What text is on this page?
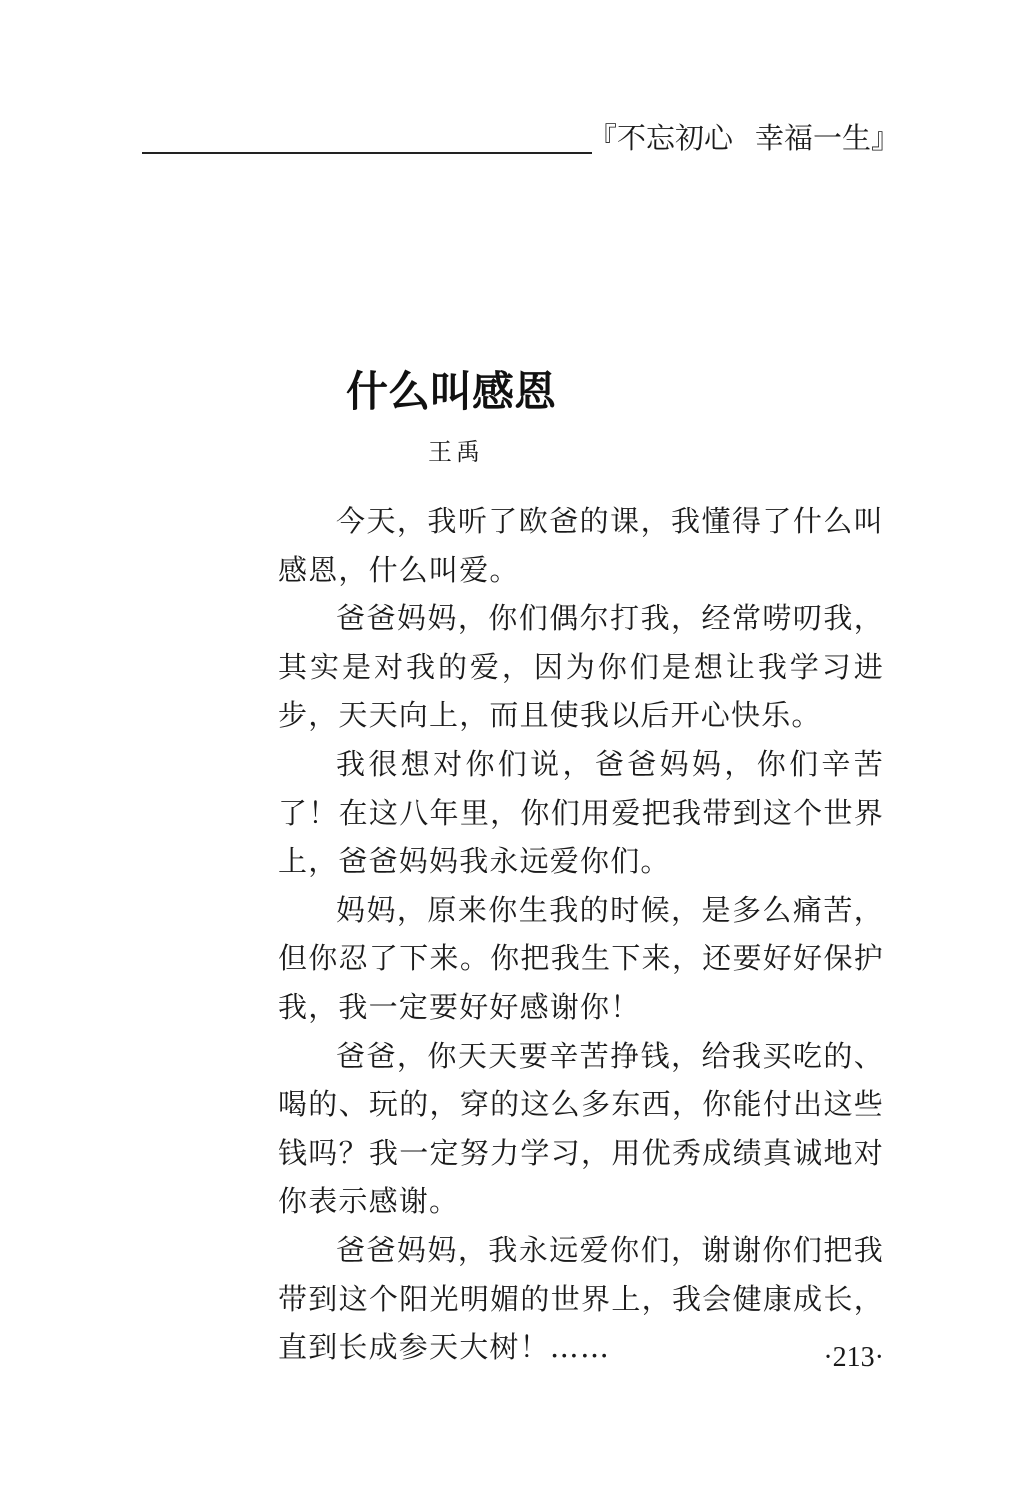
『不忘初心 幸福一生』
什么叫感恩
王禹

今天，我听了欧爸的课，我懂得了什么叫感恩，什么叫爱。

爸爸妈妈，你们偶尔打我，经常唠叨我，其实是对我的爱，因为你们是想让我学习进步，天天向上，而且使我以后开心快乐。

我很想对你们说，爸爸妈妈，你们辛苦了！在这八年里，你们用爱把我带到这个世界上，爸爸妈妈我永远爱你们。

妈妈，原来你生我的时候，是多么痛苦，但你忍了下来。你把我生下来，还要好好保护我，我一定要好好感谢你！

爸爸，你天天要辛苦挣钱，给我买吃的、喝的、玩的，穿的这么多东西，你能付出这些钱吗？我一定努力学习，用优秀成绩真诚地对你表示感谢。

爸爸妈妈，我永远爱你们，谢谢你们把我带到这个阳光明媚的世界上，我会健康成长，直到长成参天大树！……	·213·
